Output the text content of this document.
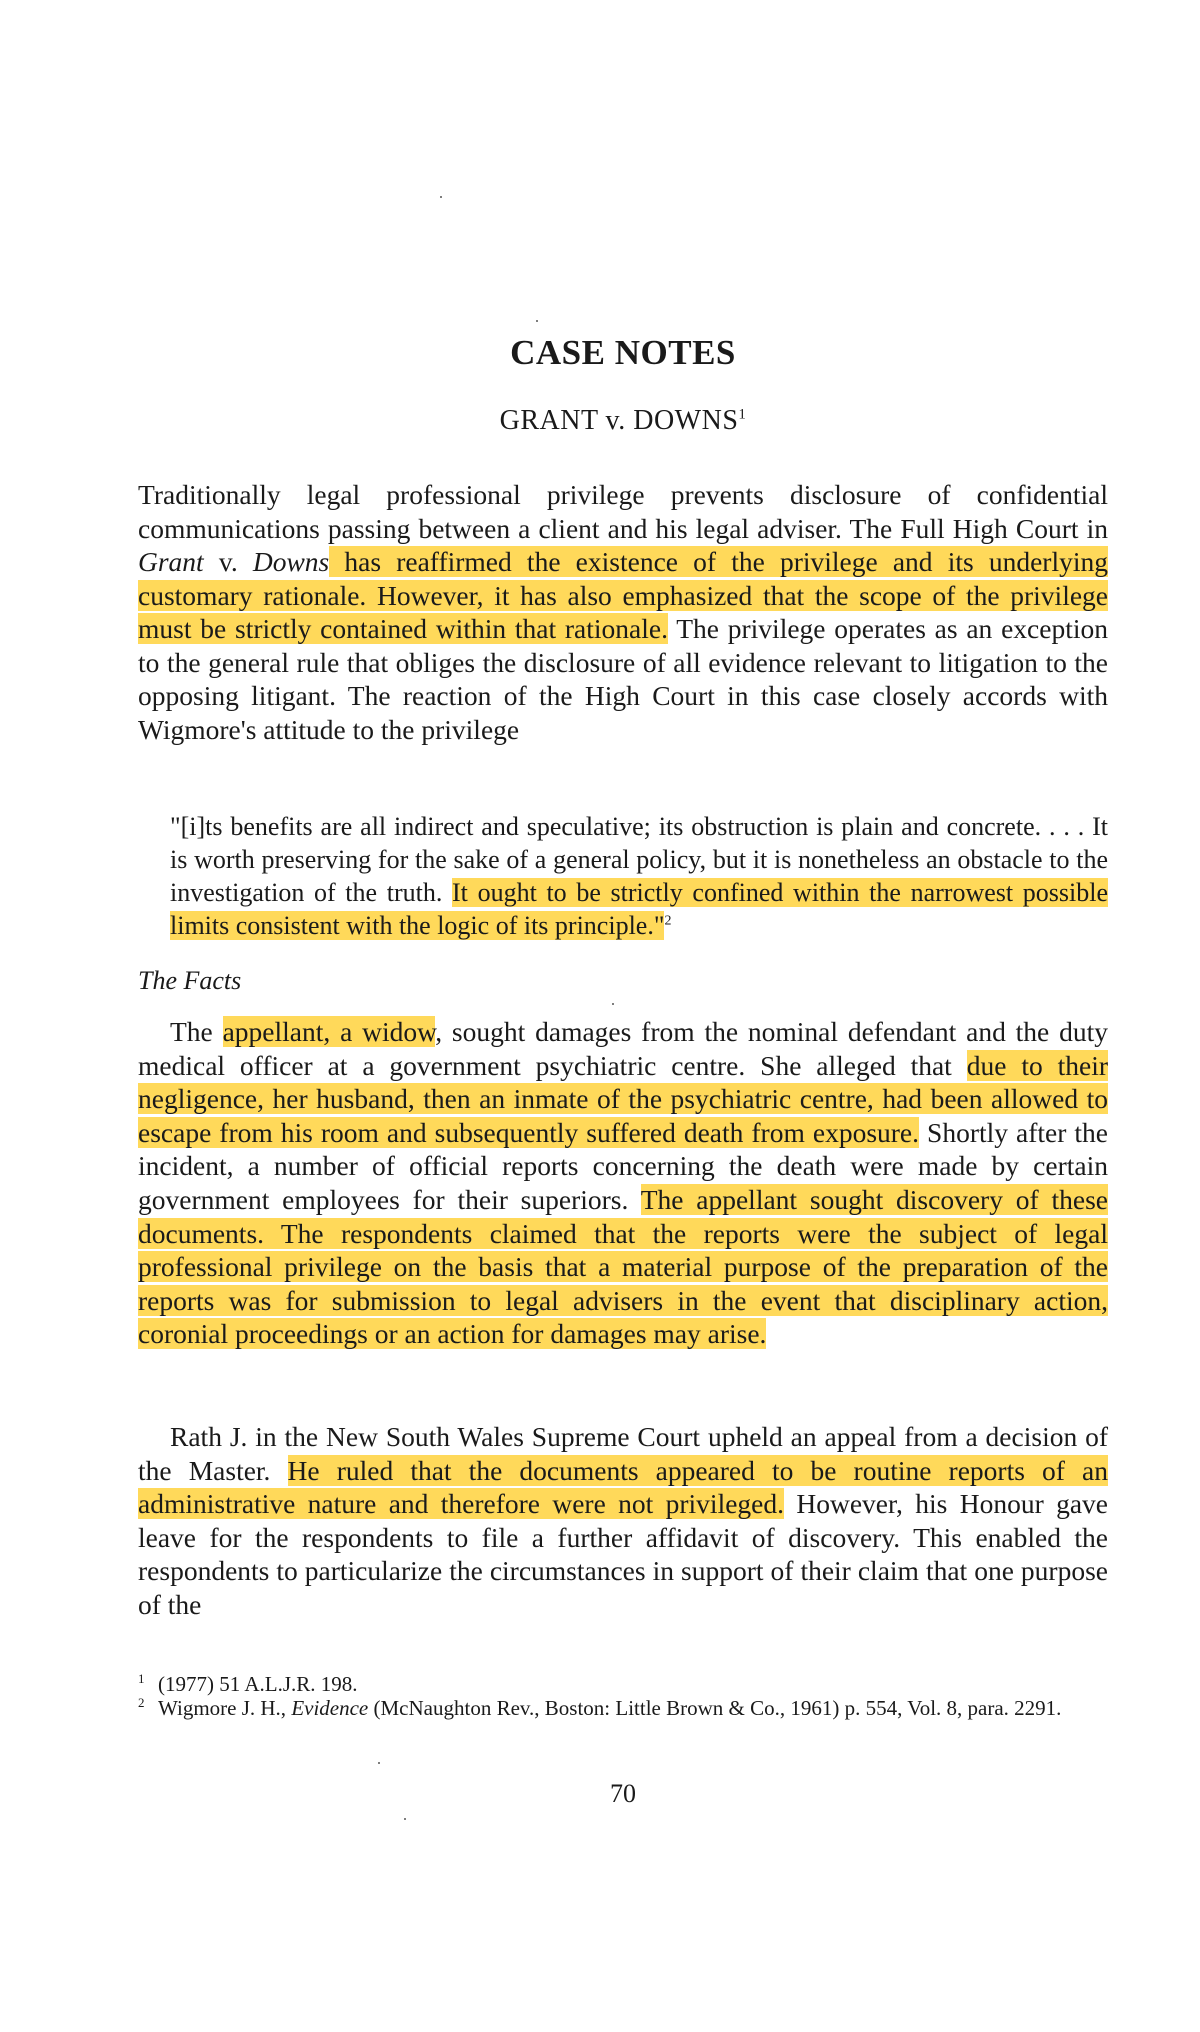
CASE NOTES
GRANT v. DOWNS$^1$

Traditionally legal professional privilege prevents disclosure of confidential communications passing between a client and his legal adviser. The Full High Court in Grant v. Downs has reaffirmed the existence of the privilege and its underlying customary rationale. However, it has also emphasized that the scope of the privilege must be strictly contained within that rationale. The privilege operates as an exception to the general rule that obliges the disclosure of all evidence relevant to litigation to the opposing litigant. The reaction of the High Court in this case closely accords with Wigmore's attitude to the privilege

"[i]ts benefits are all indirect and speculative; its obstruction is plain and concrete. . . . It is worth preserving for the sake of a general policy, but it is nonetheless an obstacle to the investigation of the truth. It ought to be strictly confined within the narrowest possible limits consistent with the logic of its principle."$^2$

The Facts

The appellant, a widow, sought damages from the nominal defendant and the duty medical officer at a government psychiatric centre. She alleged that due to their negligence, her husband, then an inmate of the psychiatric centre, had been allowed to escape from his room and subsequently suffered death from exposure. Shortly after the incident, a number of official reports concerning the death were made by certain government employees for their superiors. The appellant sought discovery of these documents. The respondents claimed that the reports were the subject of legal professional privilege on the basis that a material purpose of the preparation of the reports was for submission to legal advisers in the event that disciplinary action, coronial proceedings or an action for damages may arise.

Rath J. in the New South Wales Supreme Court upheld an appeal from a decision of the Master. He ruled that the documents appeared to be routine reports of an administrative nature and therefore were not privileged. However, his Honour gave leave for the respondents to file a further affidavit of discovery. This enabled the respondents to particularize the circumstances in support of their claim that one purpose of the

$^1$ (1977) 51 A.L.J.R. 198.
$^2$ Wigmore J. H., Evidence (McNaughton Rev., Boston: Little Brown & Co., 1961) p. 554, Vol. 8, para. 2291.
70
